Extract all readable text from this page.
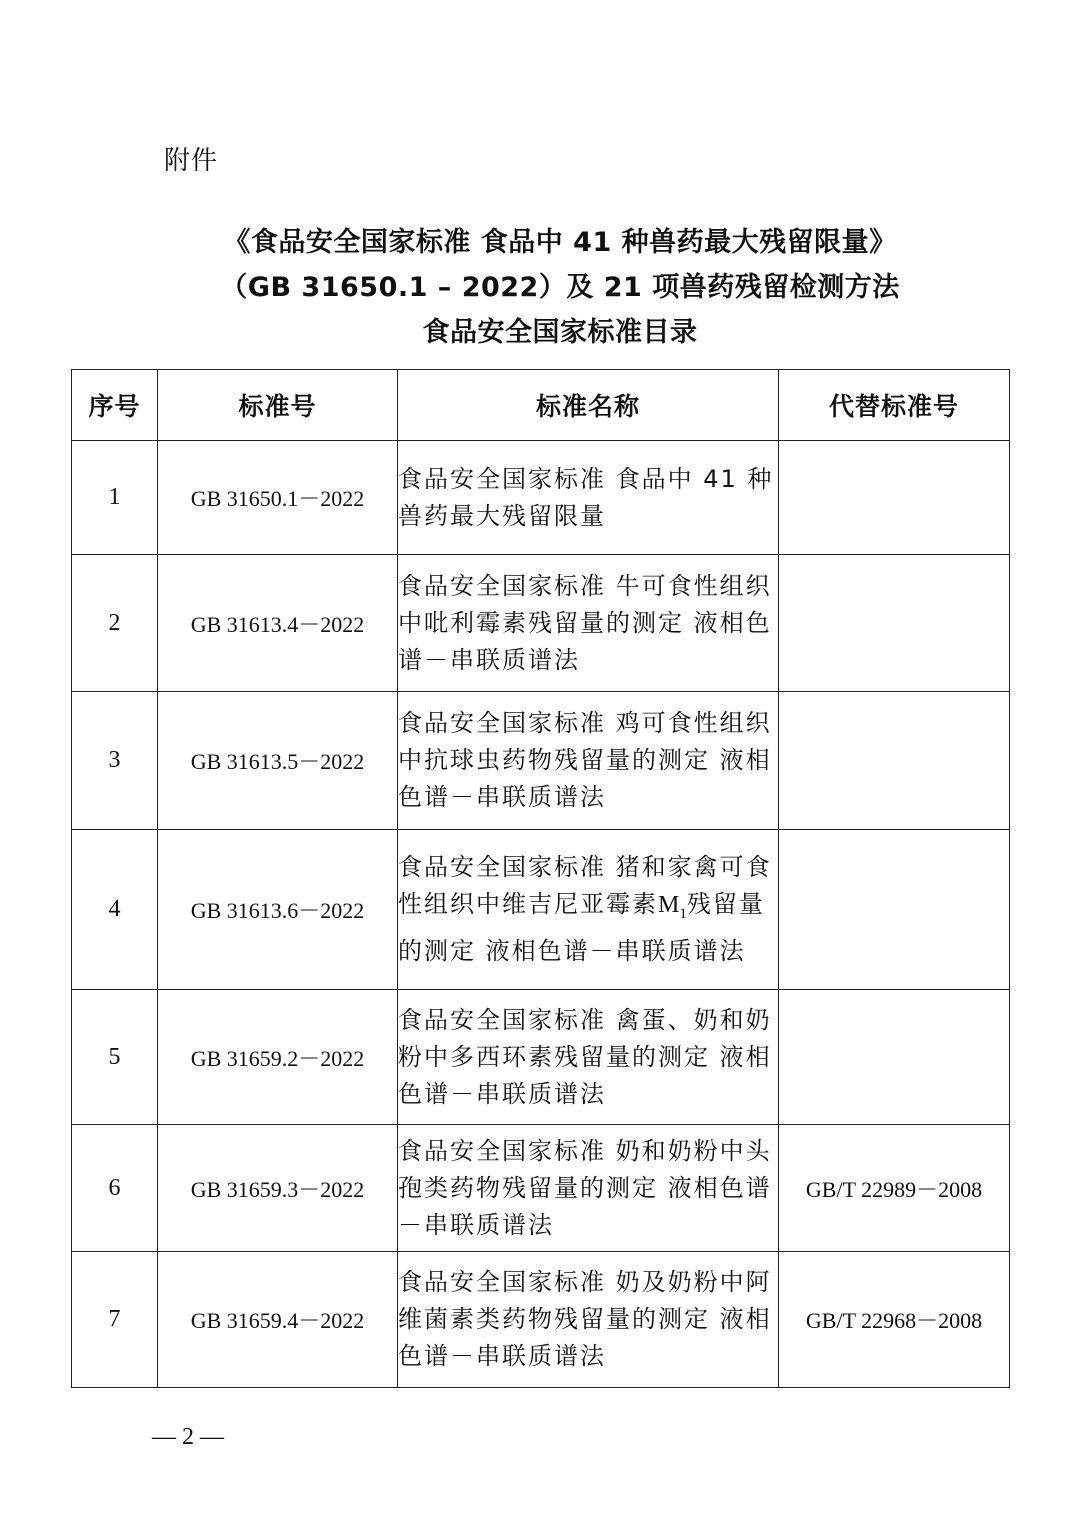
附件
《食品安全国家标准 食品中 41 种兽药最大残留限量》
（GB 31650.1 – 2022）及 21 项兽药残留检测方法
食品安全国家标准目录
序号	标准号	标准名称	代替标准号
1	GB 31650.1－2022	食品安全国家标准 食品中 41 种兽药最大残留限量	
2	GB 31613.4－2022	食品安全国家标准 牛可食性组织中吡利霉素残留量的测定 液相色谱－串联质谱法	
3	GB 31613.5－2022	食品安全国家标准 鸡可食性组织中抗球虫药物残留量的测定 液相色谱－串联质谱法	
4	GB 31613.6－2022	食品安全国家标准 猪和家禽可食性组织中维吉尼亚霉素$M_1$残留量的测定 液相色谱－串联质谱法	
5	GB 31659.2－2022	食品安全国家标准 禽蛋、奶和奶粉中多西环素残留量的测定 液相色谱－串联质谱法	
6	GB 31659.3－2022	食品安全国家标准 奶和奶粉中头孢类药物残留量的测定 液相色谱－串联质谱法	GB/T 22989－2008
7	GB 31659.4－2022	食品安全国家标准 奶及奶粉中阿维菌素类药物残留量的测定 液相色谱－串联质谱法	GB/T 22968－2008
— 2 —
